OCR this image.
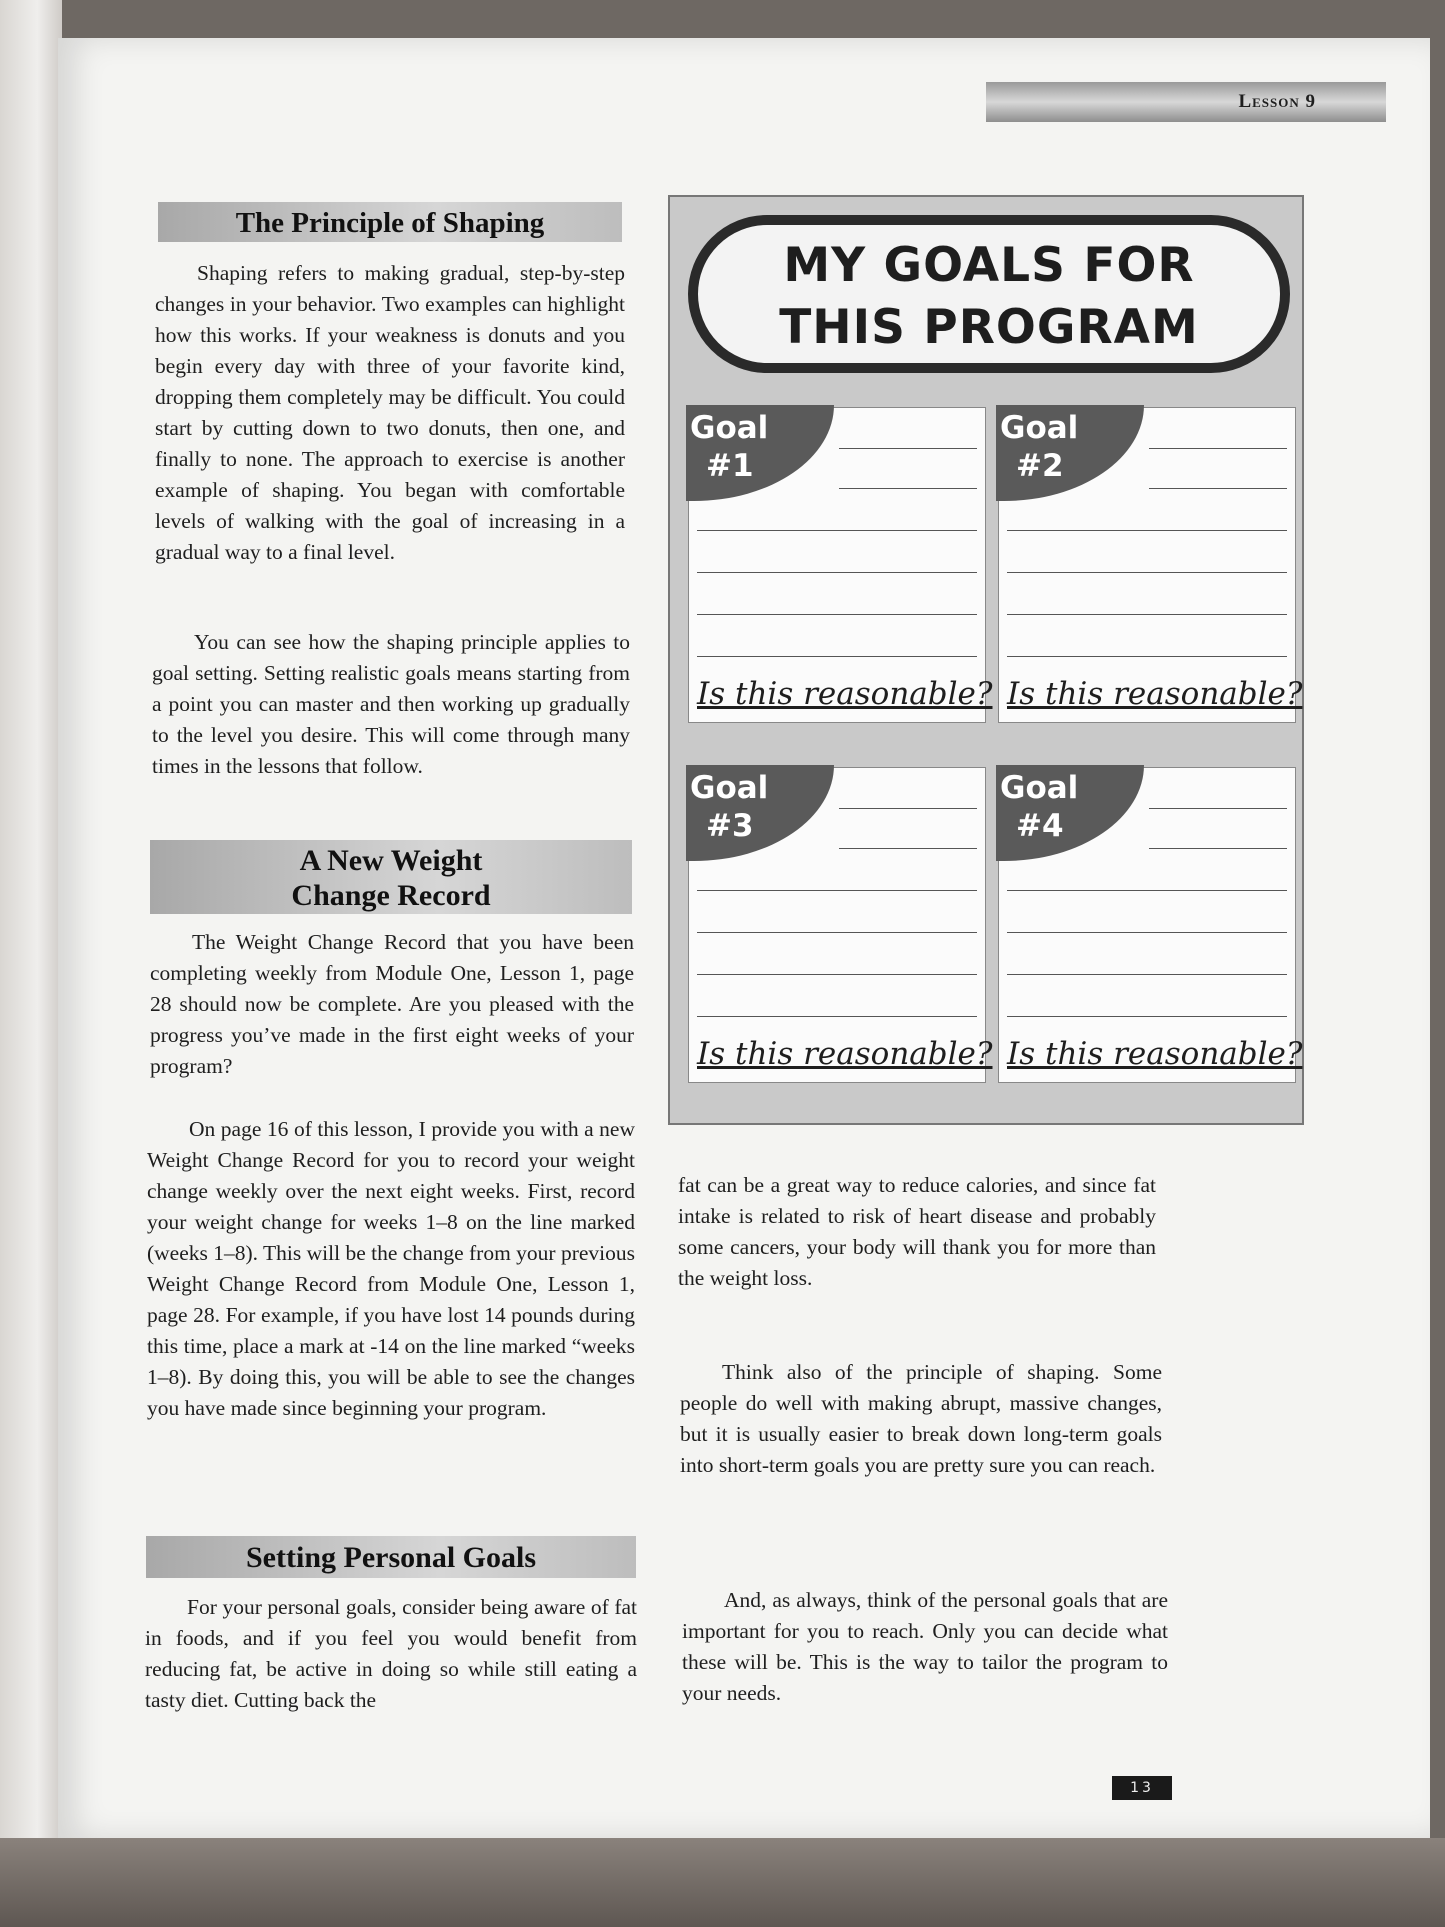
Lesson 9
The Principle of Shaping

Shaping refers to making gradual, step-by-step changes in your behavior. Two examples can highlight how this works. If your weakness is donuts and you begin every day with three of your favorite kind, dropping them completely may be difficult. You could start by cutting down to two donuts, then one, and finally to none. The approach to exercise is another example of shaping. You began with comfortable levels of walking with the goal of increasing in a gradual way to a final level.

You can see how the shaping principle applies to goal setting. Setting realistic goals means starting from a point you can master and then working up gradually to the level you desire. This will come through many times in the lessons that follow.

A New Weight
Change Record

The Weight Change Record that you have been completing weekly from Module One, Lesson 1, page 28 should now be complete. Are you pleased with the progress you’ve made in the first eight weeks of your program?

On page 16 of this lesson, I provide you with a new Weight Change Record for you to record your weight change weekly over the next eight weeks. First, record your weight change for weeks 1–8 on the line marked (weeks 1–8). This will be the change from your previous Weight Change Record from Module One, Lesson 1, page 28. For example, if you have lost 14 pounds during this time, place a mark at -14 on the line marked “weeks 1–8). By doing this, you will be able to see the changes you have made since beginning your program.

Setting Personal Goals

For your personal goals, consider being aware of fat in foods, and if you feel you would benefit from reducing fat, be active in doing so while still eating a tasty diet. Cutting back the

MY GOALS FOR
THIS PROGRAM
Goal
#1
Is this reasonable?
Goal
#2
Is this reasonable?
Goal
#3
Is this reasonable?
Goal
#4
Is this reasonable?

fat can be a great way to reduce calories, and since fat intake is related to risk of heart disease and probably some cancers, your body will thank you for more than the weight loss.

Think also of the principle of shaping. Some people do well with making abrupt, massive changes, but it is usually easier to break down long-term goals into short-term goals you are pretty sure you can reach.

And, as always, think of the personal goals that are important for you to reach. Only you can decide what these will be. This is the way to tailor the program to your needs.

13
